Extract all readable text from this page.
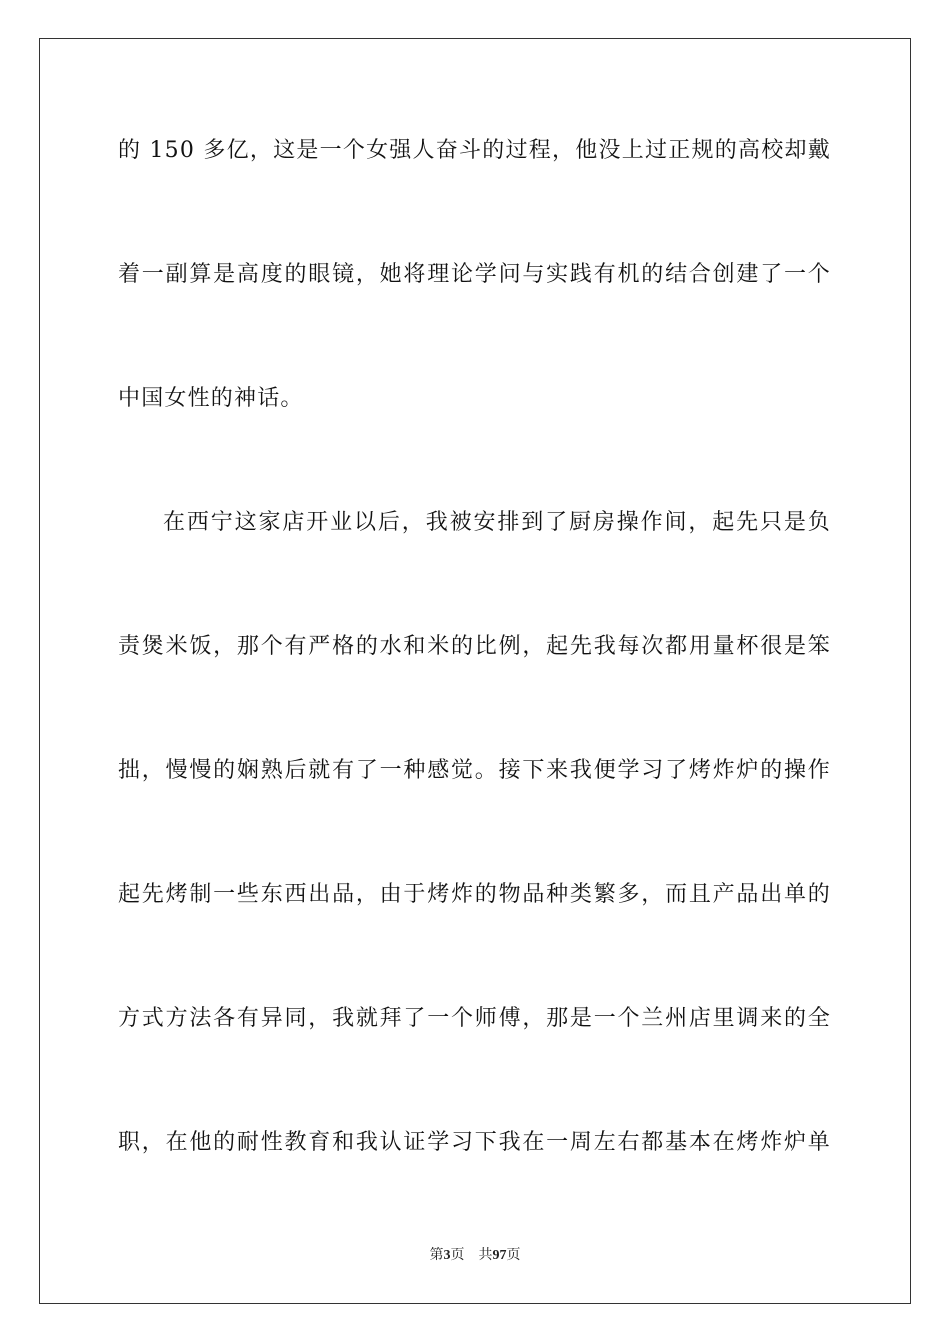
的 150 多亿，这是一个女强人奋斗的过程，他没上过正规的高校却戴
着一副算是高度的眼镜，她将理论学问与实践有机的结合创建了一个
中国女性的神话。
在西宁这家店开业以后，我被安排到了厨房操作间，起先只是负
责煲米饭，那个有严格的水和米的比例，起先我每次都用量杯很是笨
拙，慢慢的娴熟后就有了一种感觉。接下来我便学习了烤炸炉的操作
起先烤制一些东西出品，由于烤炸的物品种类繁多，而且产品出单的
方式方法各有异同，我就拜了一个师傅，那是一个兰州店里调来的全
职，在他的耐性教育和我认证学习下我在一周左右都基本在烤炸炉单
第3页 共97页
